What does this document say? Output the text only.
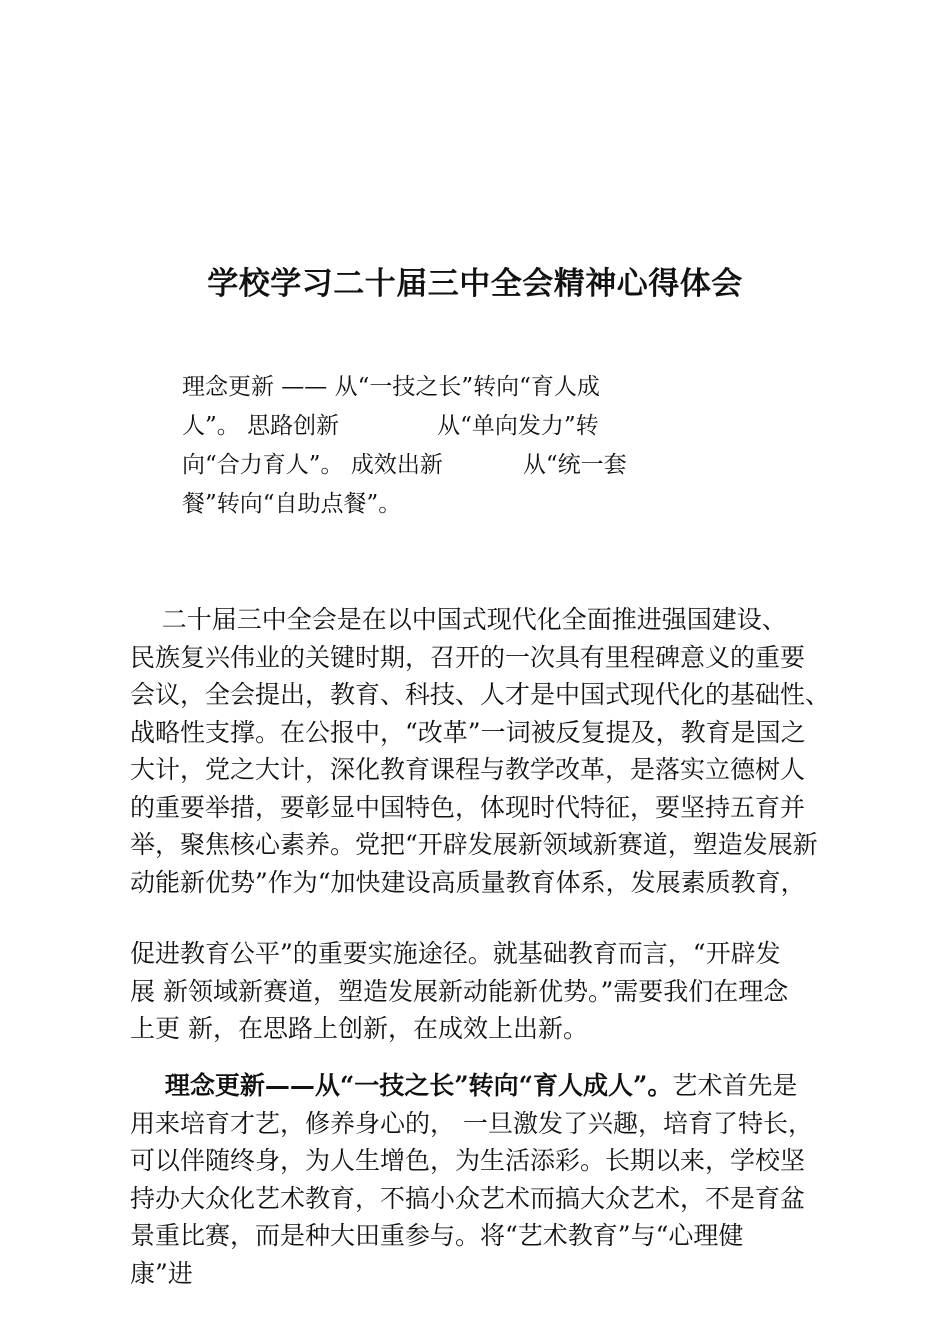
学校学习二十届三中全会精神心得体会
理念更新 —— 从“一技之长”转向“育人成
人”。 思路创新	从“单向发力”转
向“合力育人”。 成效出新	从“统一套
餐”转向“自助点餐”。
二十届三中全会是在以中国式现代化全面推进强国建设、
民族复兴伟业的关键时期，召开的一次具有里程碑意义的重要
会议，全会提出，教育、科技、人才是中国式现代化的基础性、
战略性支撑。在公报中，“改革”一词被反复提及，教育是国之
大计，党之大计，深化教育课程与教学改革，是落实立德树人
的重要举措，要彰显中国特色，体现时代特征，要坚持五育并
举，聚焦核心素养。党把“开辟发展新领域新赛道，塑造发展新
动能新优势”作为“加快建设高质量教育体系，发展素质教育，
促进教育公平”的重要实施途径。就基础教育而言，“开辟发
展 新领域新赛道，塑造发展新动能新优势。”需要我们在理念
上更 新，在思路上创新，在成效上出新。
理念更新——从“一技之长”转向“育人成人”。艺术首先是
用来培育才艺，修养身心的， 一旦激发了兴趣，培育了特长，
可以伴随终身，为人生增色，为生活添彩。长期以来，学校坚
持办大众化艺术教育，不搞小众艺术而搞大众艺术，不是育盆
景重比赛，而是种大田重参与。将“艺术教育”与“心理健
康”进
